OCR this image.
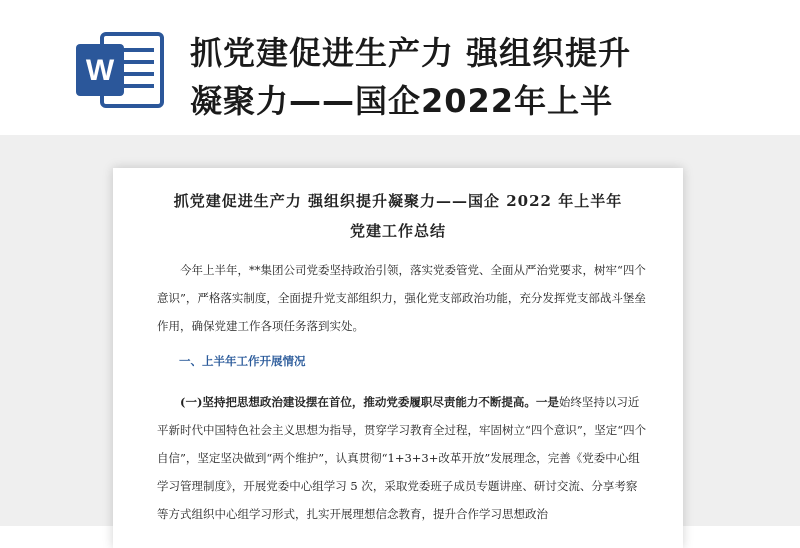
W 抓党建促进生产力 强组织提升
凝聚力——国企2022年上半
抓党建促进生产力 强组织提升凝聚力——国企 2022 年上半年
党建工作总结
今年上半年，**集团公司党委坚持政治引领，落实党委管党、全面从严治党要求，树牢“四个意识”，严格落实制度，全面提升党支部组织力，强化党支部政治功能，充分发挥党支部战斗堡垒作用，确保党建工作各项任务落到实处。
一、上半年工作开展情况
(一)坚持把思想政治建设摆在首位，推动党委履职尽责能力不断提高。一是始终坚持以习近平新时代中国特色社会主义思想为指导，贯穿学习教育全过程，牢固树立“四个意识”，坚定“四个自信”，坚定坚决做到“两个维护”，认真贯彻“1+3+3+改革开放”发展理念，完善《党委中心组学习管理制度》，开展党委中心组学习 5 次，采取党委班子成员专题讲座、研讨交流、分享考察等方式组织中心组学习形式，扎实开展理想信念教育，提升合作学习思想政治
